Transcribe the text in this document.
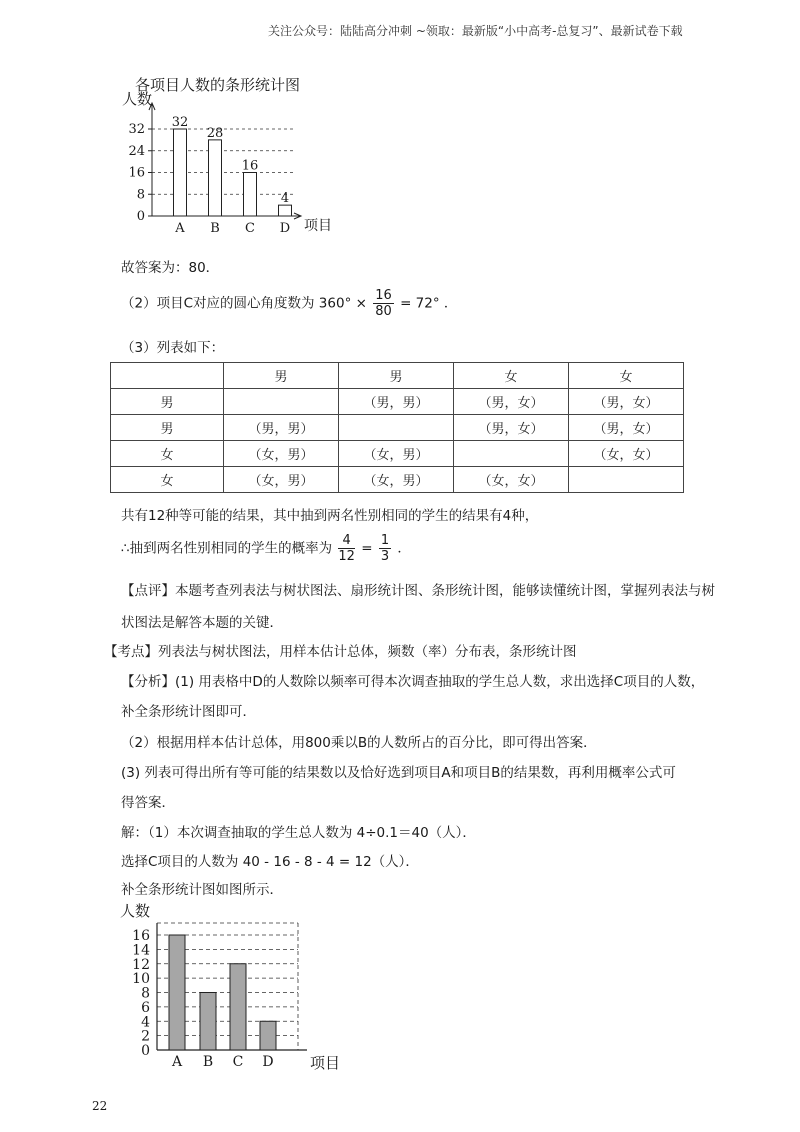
关注公众号：陆陆高分冲刺 ~领取：最新版“小中高考-总复习”、最新试卷下载
各项目人数的条形统计图
0
8
16
24
32
人数
项目
32
A
28
B
16
C
4
D
故答案为：80．
（2）项目C对应的圆心角度数为 $360^\circ \times \frac{16}{80} = 72^\circ$ ．
（3）列表如下：
	男	男	女	女
男		（男，男）	（男，女）	（男，女）
男	（男，男）		（男，女）	（男，女）
女	（女，男）	（女，男）		（女，女）
女	（女，男）	（女，男）	（女，女）	
共有12种等可能的结果，其中抽到两名性别相同的学生的结果有4种，
∴抽到两名性别相同的学生的概率为 $\frac{4}{12} = \frac{1}{3}$ ．
【点评】本题考查列表法与树状图法、扇形统计图、条形统计图，能够读懂统计图，掌握列表法与树
状图法是解答本题的关键．
【考点】列表法与树状图法，用样本估计总体，频数（率）分布表，条形统计图
【分析】(1) 用表格中D的人数除以频率可得本次调查抽取的学生总人数，求出选择C项目的人数，
补全条形统计图即可．
（2）根据用样本估计总体，用800乘以B的人数所占的百分比，即可得出答案．
(3) 列表可得出所有等可能的结果数以及恰好选到项目A和项目B的结果数，再利用概率公式可
得答案．
解：（1）本次调查抽取的学生总人数为 4÷0.1＝40（人）．
选择C项目的人数为 40 - 16 - 8 - 4 = 12（人）．
补全条形统计图如图所示．
0
2
4
6
8
10
12
14
16
人数
项目
A B C D
22
